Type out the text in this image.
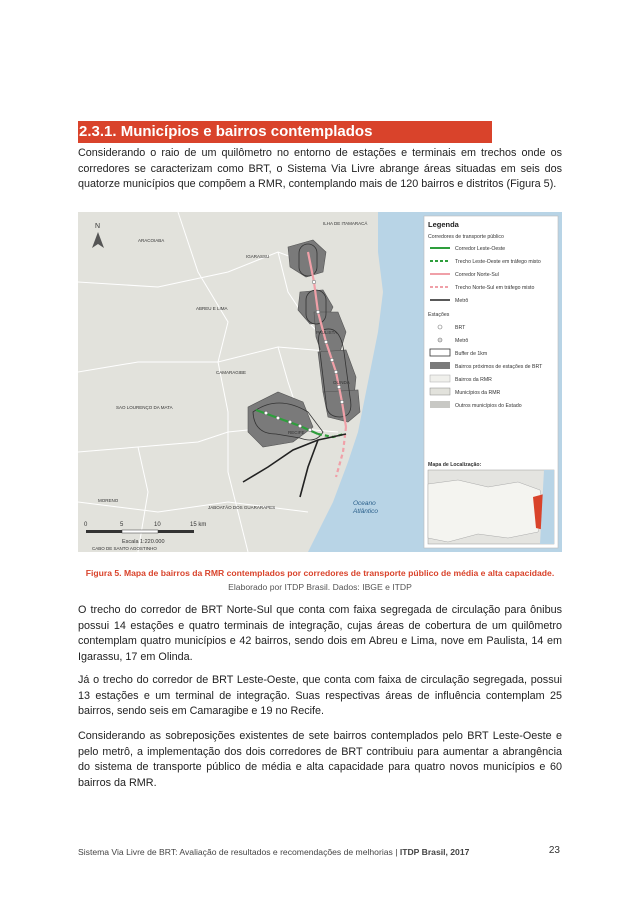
2.3.1. Municípios e bairros contemplados

Considerando o raio de um quilômetro no entorno de estações e terminais em trechos onde os corredores se caracterizam como BRT, o Sistema Via Livre abrange áreas situadas em seis dos quatorze municípios que compõem a RMR, contemplando mais de 120 bairros e distritos (Figura 5).

ILHA DE ITAMARACÁ
ARACOIABA
IGARASSU
ABREU E LIMA
PAULISTA
OLINDA
CAMARAGIBE
SAO LOURENÇO DA MATA
RECIFE
MORENO
JABOATÃO DOS GUARARAPES
CABO DE SANTO AGOSTINHO
Oceano
Atlântico
N
0	5	10	15 km
Escala 1:220.000
Legenda
Corredores de transporte público
Corredor Leste-Oeste
Trecho Leste-Oeste em tráfego misto
Corredor Norte-Sul
Trecho Norte-Sul em tráfego misto
Metrô
Estações
BRT
Metrô
Buffer de 1km
Bairros próximos de estações de BRT
Bairros da RMR
Municípios da RMR
Outros municípios do Estado
Mapa de Localização:
Figura 5. Mapa de bairros da RMR contemplados por corredores de transporte público de média e alta capacidade.
Elaborado por ITDP Brasil. Dados: IBGE e ITDP

O trecho do corredor de BRT Norte-Sul que conta com faixa segregada de circulação para ônibus possui 14 estações e quatro terminais de integração, cujas áreas de cobertura de um quilômetro contemplam quatro municípios e 42 bairros, sendo dois em Abreu e Lima, nove em Paulista, 14 em Igarassu, 17 em Olinda.

Já o trecho do corredor de BRT Leste-Oeste, que conta com faixa de circulação segregada, possui 13 estações e um terminal de integração. Suas respectivas áreas de influência contemplam 25 bairros, sendo seis em Camaragibe e 19 no Recife.

Considerando as sobreposições existentes de sete bairros contemplados pelo BRT Leste-Oeste e pelo metrô, a implementação dos dois corredores de BRT contribuiu para aumentar a abrangência do sistema de transporte público de média e alta capacidade para quatro novos municípios e 60 bairros da RMR.

Sistema Via Livre de BRT: Avaliação de resultados e recomendações de melhorias | ITDP Brasil, 2017	23
